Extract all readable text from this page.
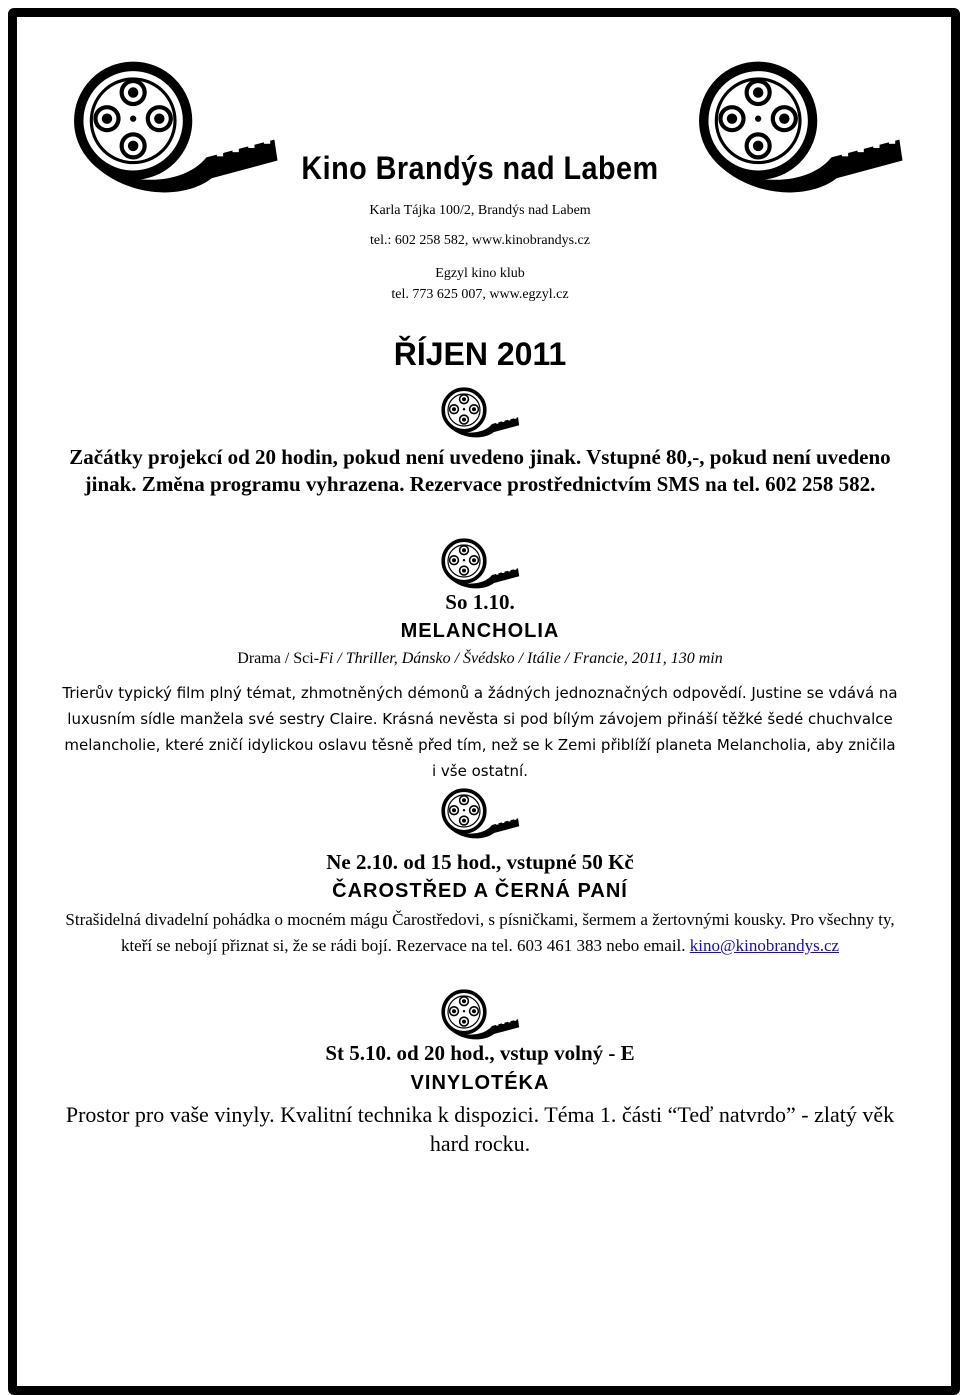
Kino Brandýs nad Labem
Karla Tájka 100/2, Brandýs nad Labem
tel.: 602 258 582, www.kinobrandys.cz
Egzyl kino klub
tel. 773 625 007, www.egzyl.cz
ŘÍJEN 2011
Začátky projekcí od 20 hodin, pokud není uvedeno jinak. Vstupné 80,-, pokud není uvedeno jinak. Změna programu vyhrazena. Rezervace prostřednictvím SMS na tel. 602 258 582.
So 1.10.
MELANCHOLIA
Drama / Sci-Fi / Thriller, Dánsko / Švédsko / Itálie / Francie, 2011, 130 min
Trierův typický film plný témat, zhmotněných démonů a žádných jednoznačných odpovědí. Justine se vdává na luxusním sídle manžela své sestry Claire. Krásná nevěsta si pod bílým závojem přináší těžké šedé chuchvalce melancholie, které zničí idylickou oslavu těsně před tím, než se k Zemi přiblíží planeta Melancholia, aby zničila i vše ostatní.
Ne 2.10. od 15 hod., vstupné 50 Kč
ČAROSTŘED A ČERNÁ PANÍ
Strašidelná divadelní pohádka o mocném mágu Čarostředovi, s písničkami, šermem a žertovnými kousky. Pro všechny ty, kteří se nebojí přiznat si, že se rádi bojí. Rezervace na tel. 603 461 383 nebo email. kino@kinobrandys.cz
St 5.10. od 20 hod., vstup volný - E
VINYLOTÉKA
Prostor pro vaše vinyly. Kvalitní technika k dispozici. Téma 1. části “Teď natvrdo” - zlatý věk hard rocku.
